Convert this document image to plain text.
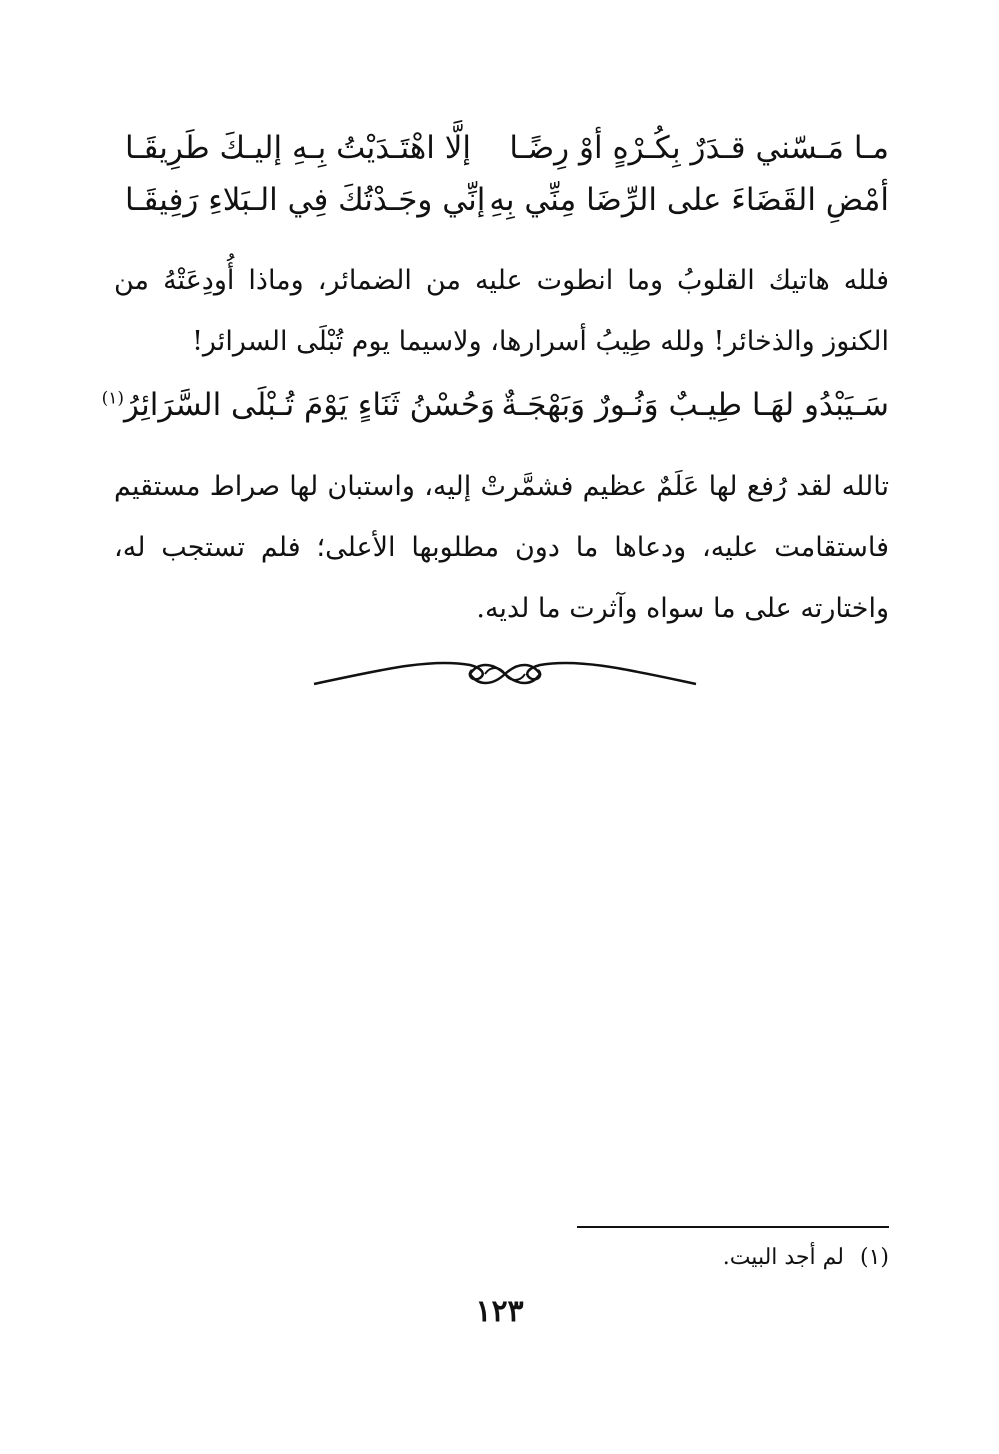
مـا مَـسّني قـدَرٌ بِكُـرْهٍ أوْ رِضًـا
إلَّا اهْتَـدَيْتُ بِـهِ إليـكَ طَرِيقَـا
أمْضِ القَضَاءَ على الرِّضَا مِنِّي بِهِ
إنِّي وجَـدْتُكَ فِي الـبَلاءِ رَفِيقَـا

فلله هاتيك القلوبُ وما انطوت عليه من الضمائر، وماذا أُودِعَتْهُ من الكنوز والذخائر! ولله طِيبُ أسرارها، ولاسيما يوم تُبْلَى السرائر!

سَـيَبْدُو لهَـا طِيـبٌ وَنُـورٌ وَبَهْجَـةٌ
وَحُسْنُ ثَنَاءٍ يَوْمَ تُـبْلَى السَّرَائِرُ$^{(١)}$

تالله لقد رُفع لها عَلَمٌ عظيم فشمَّرتْ إليه، واستبان لها صراط مستقيم فاستقامت عليه، ودعاها ما دون مطلوبها الأعلى؛ فلم تستجب له، واختارته على ما سواه وآثرت ما لديه.

(١)لم أجد البيت.
١٢٣
